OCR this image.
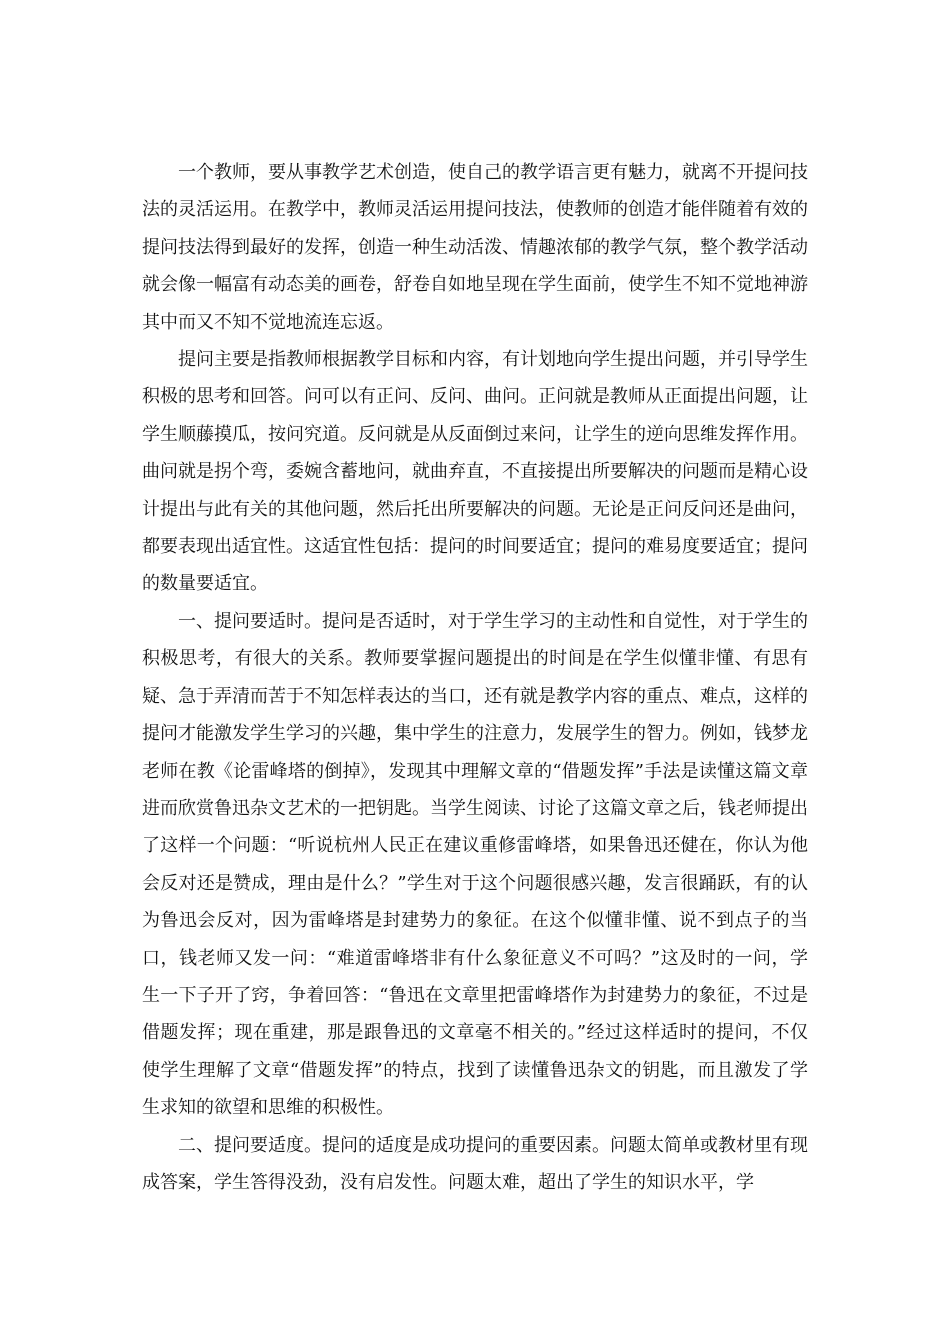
一个教师，要从事教学艺术创造，使自己的教学语言更有魅力，就离不开提问技法的灵活运用。在教学中，教师灵活运用提问技法，使教师的创造才能伴随着有效的提问技法得到最好的发挥，创造一种生动活泼、情趣浓郁的教学气氛，整个教学活动就会像一幅富有动态美的画卷，舒卷自如地呈现在学生面前，使学生不知不觉地神游其中而又不知不觉地流连忘返。

提问主要是指教师根据教学目标和内容，有计划地向学生提出问题，并引导学生积极的思考和回答。问可以有正问、反问、曲问。正问就是教师从正面提出问题，让学生顺藤摸瓜，按问究道。反问就是从反面倒过来问，让学生的逆向思维发挥作用。曲问就是拐个弯，委婉含蓄地问，就曲弃直，不直接提出所要解决的问题而是精心设计提出与此有关的其他问题，然后托出所要解决的问题。无论是正问反问还是曲问，都要表现出适宜性。这适宜性包括：提问的时间要适宜；提问的难易度要适宜；提问的数量要适宜。

一、提问要适时。提问是否适时，对于学生学习的主动性和自觉性，对于学生的积极思考，有很大的关系。教师要掌握问题提出的时间是在学生似懂非懂、有思有疑、急于弄清而苦于不知怎样表达的当口，还有就是教学内容的重点、难点，这样的提问才能激发学生学习的兴趣，集中学生的注意力，发展学生的智力。例如，钱梦龙老师在教《论雷峰塔的倒掉》，发现其中理解文章的“借题发挥”手法是读懂这篇文章进而欣赏鲁迅杂文艺术的一把钥匙。当学生阅读、讨论了这篇文章之后，钱老师提出了这样一个问题：“听说杭州人民正在建议重修雷峰塔，如果鲁迅还健在，你认为他会反对还是赞成，理由是什么？”学生对于这个问题很感兴趣，发言很踊跃，有的认为鲁迅会反对，因为雷峰塔是封建势力的象征。在这个似懂非懂、说不到点子的当口，钱老师又发一问：“难道雷峰塔非有什么象征意义不可吗？”这及时的一问，学生一下子开了窍，争着回答：“鲁迅在文章里把雷峰塔作为封建势力的象征，不过是借题发挥；现在重建，那是跟鲁迅的文章毫不相关的。”经过这样适时的提问，不仅使学生理解了文章“借题发挥”的特点，找到了读懂鲁迅杂文的钥匙，而且激发了学生求知的欲望和思维的积极性。

二、提问要适度。提问的适度是成功提问的重要因素。问题太简单或教材里有现成答案，学生答得没劲，没有启发性。问题太难，超出了学生的知识水平，学
